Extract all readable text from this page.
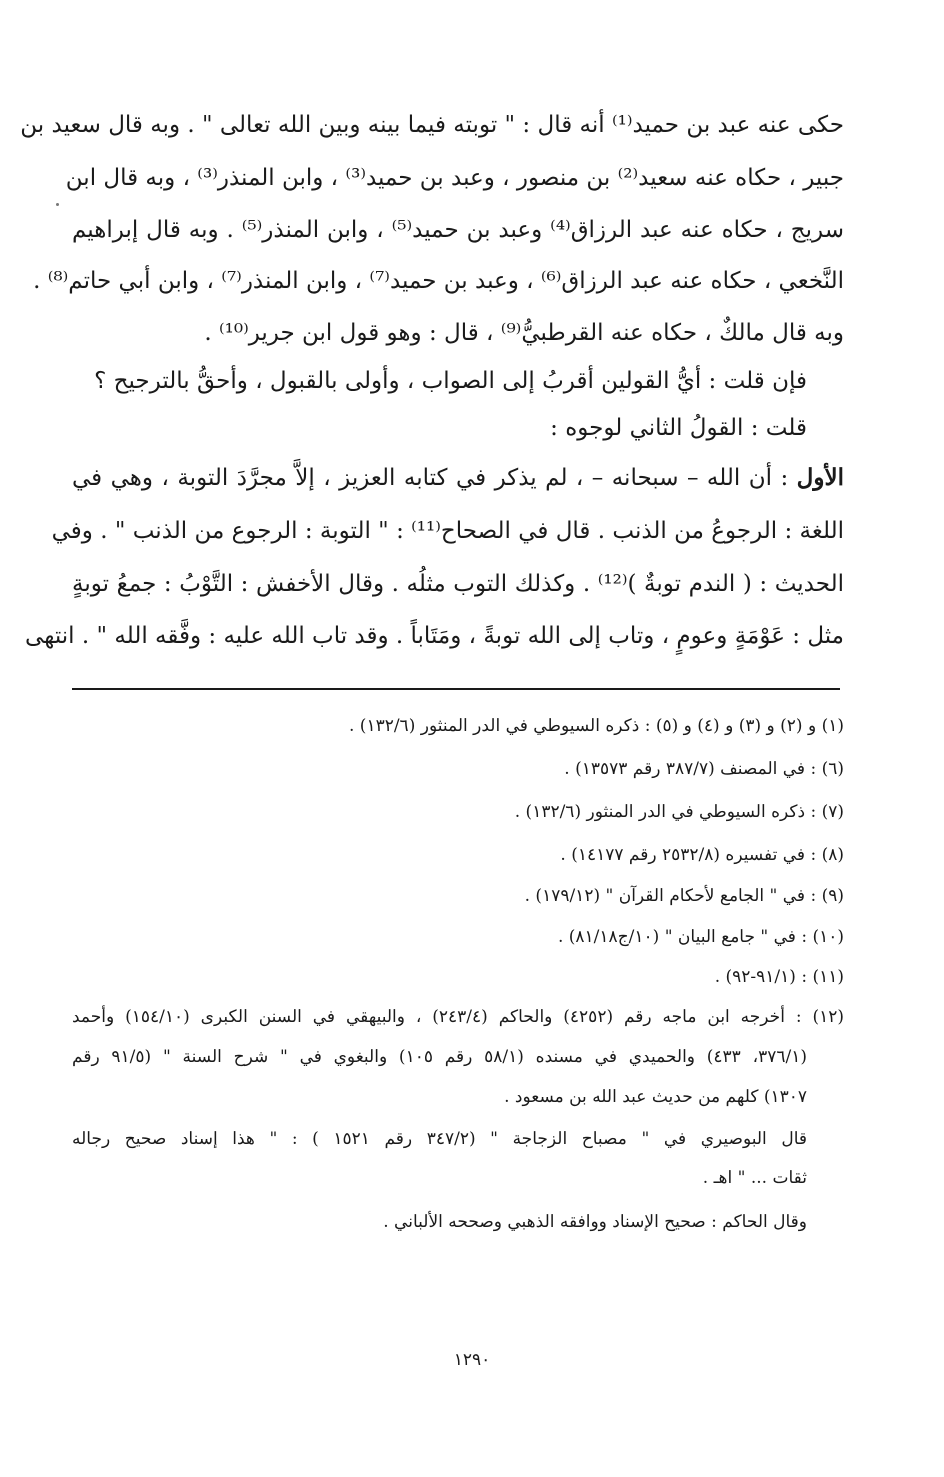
حكى عنه عبد بن حميد⁽¹⁾ أنه قال : " توبته فيما بينه وبين الله تعالى " . وبه قال سعيد بن
جبير ، حكاه عنه سعيد⁽²⁾ بن منصور ، وعبد بن حميد⁽³⁾ ، وابن المنذر⁽³⁾ ، وبه قال ابن
سريج ، حكاه عنه عبد الرزاق⁽⁴⁾ وعبد بن حميد⁽⁵⁾ ، وابن المنذر⁽⁵⁾ . وبه قال إبراهيم
النَّخعي ، حكاه عنه عبد الرزاق⁽⁶⁾ ، وعبد بن حميد⁽⁷⁾ ، وابن المنذر⁽⁷⁾ ، وابن أبي حاتم⁽⁸⁾ .
وبه قال مالكٌ ، حكاه عنه القرطبيُّ⁽⁹⁾ ، قال : وهو قول ابن جرير⁽¹⁰⁾ .
فإن قلت : أيُّ القولين أقربُ إلى الصواب ، وأولى بالقبول ، وأحقُّ بالترجيح ؟
قلت : القولُ الثاني لوجوه :
الأول : أن الله – سبحانه – ، لم يذكر في كتابه العزيز ، إلاَّ مجرَّدَ التوبة ، وهي في
اللغة : الرجوعُ من الذنب . قال في الصحاح⁽¹¹⁾ : " التوبة : الرجوع من الذنب " . وفي
الحديث : ( الندم توبةٌ )⁽¹²⁾ . وكذلك التوب مثلُه . وقال الأخفش : التَّوْبُ : جمعُ توبةٍ
مثل : عَوْمَةٍ وعومٍ ، وتاب إلى الله توبةً ، ومَتَاباً . وقد تاب الله عليه : وفَّقه الله " . انتهى
(١) و (٢) و (٣) و (٤) و (٥) : ذكره السيوطي في الدر المنثور (١٣٢/٦) .
(٦) : في المصنف (٣٨٧/٧ رقم ١٣٥٧٣) .
(٧) : ذكره السيوطي في الدر المنثور (١٣٢/٦) .
(٨) : في تفسيره (٢٥٣٢/٨ رقم ١٤١٧٧) .
(٩) : في " الجامع لأحكام القرآن " (١٧٩/١٢) .
(١٠) : في " جامع البيان " (١٠/ج٨١/١٨) .
(١١) : (٩١/١-٩٢) .
(١٢) : أخرجه ابن ماجه رقم (٤٢٥٢) والحاكم (٢٤٣/٤) ، والبيهقي في السنن الكبرى (١٥٤/١٠) وأحمد
(٣٧٦/١، ٤٣٣) والحميدي في مسنده (٥٨/١ رقم ١٠٥) والبغوي في " شرح السنة " (٩١/٥ رقم
١٣٠٧) كلهم من حديث عبد الله بن مسعود .
قال البوصيري في " مصباح الزجاجة " (٣٤٧/٢ رقم ١٥٢١ ) : " هذا إسناد صحيح رجاله
ثقات ... " اهـ .
وقال الحاكم : صحيح الإسناد ووافقه الذهبي وصححه الألباني .
١٢٩٠
